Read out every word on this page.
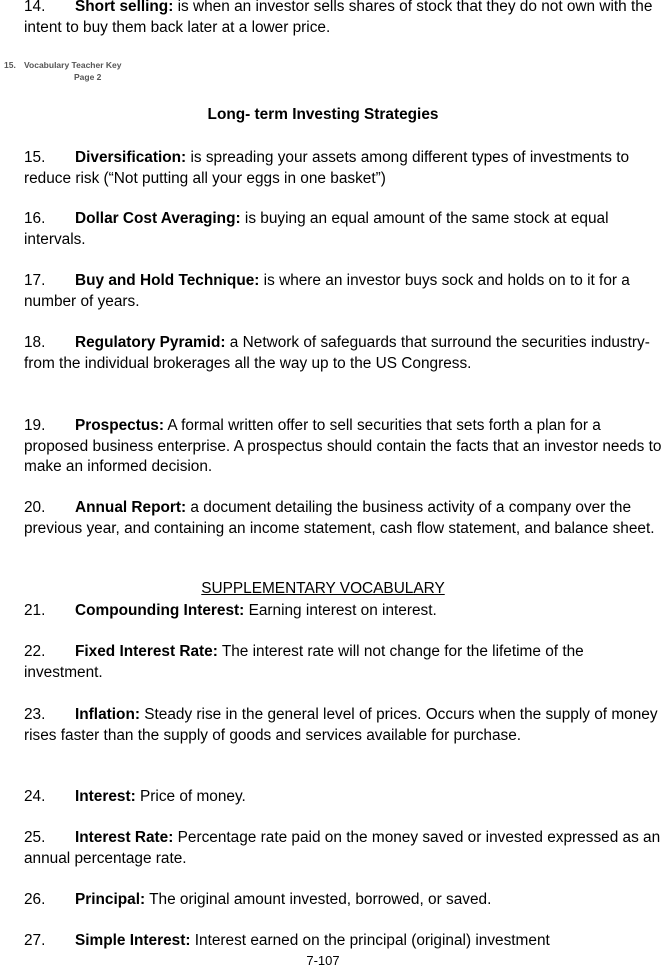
14. Short selling: is when an investor sells shares of stock that they do not own with the intent to buy them back later at a lower price.
15. Vocabulary Teacher Key
Page 2
Long- term Investing Strategies
15. Diversification: is spreading your assets among different types of investments to reduce risk (“Not putting all your eggs in one basket”)
16. Dollar Cost Averaging: is buying an equal amount of the same stock at equal intervals.
17. Buy and Hold Technique: is where an investor buys sock and holds on to it for a number of years.
18. Regulatory Pyramid: a Network of safeguards that surround the securities industry- from the individual brokerages all the way up to the US Congress.
19. Prospectus: A formal written offer to sell securities that sets forth a plan for a proposed business enterprise. A prospectus should contain the facts that an investor needs to make an informed decision.
20. Annual Report: a document detailing the business activity of a company over the previous year, and containing an income statement, cash flow statement, and balance sheet.
SUPPLEMENTARY VOCABULARY
21. Compounding Interest: Earning interest on interest.
22. Fixed Interest Rate: The interest rate will not change for the lifetime of the investment.
23. Inflation: Steady rise in the general level of prices. Occurs when the supply of money rises faster than the supply of goods and services available for purchase.
24. Interest: Price of money.
25. Interest Rate: Percentage rate paid on the money saved or invested expressed as an annual percentage rate.
26. Principal: The original amount invested, borrowed, or saved.
27. Simple Interest: Interest earned on the principal (original) investment
7-107
